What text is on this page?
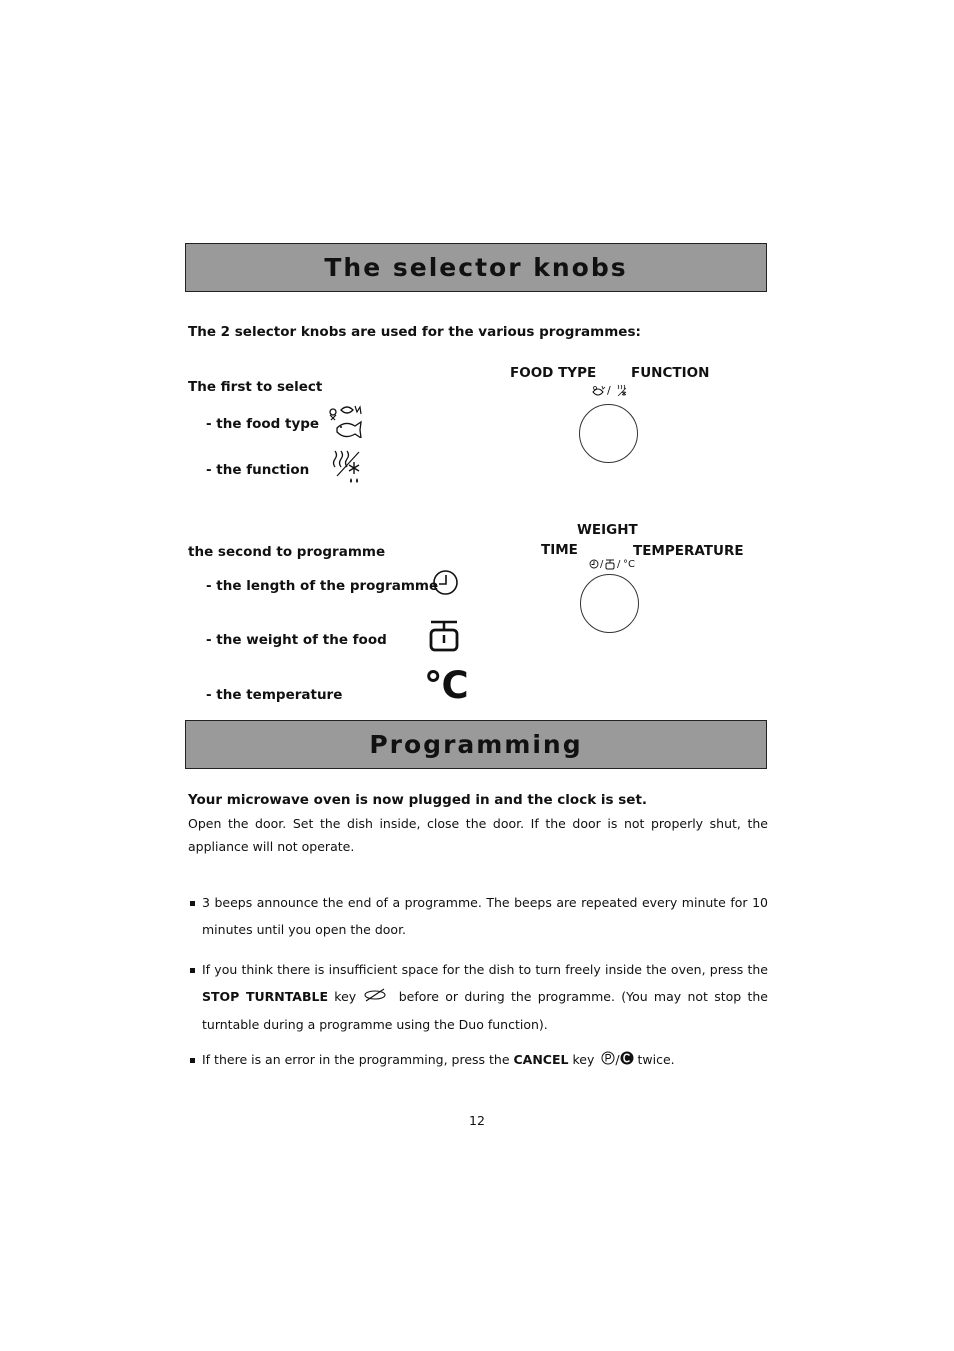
The selector knobs
The 2 selector knobs are used for the various programmes:
The first to select
- the food type
- the function
FOOD TYPE	FUNCTION
/
the second to programme
- the length of the programme
- the weight of the food
- the temperature °C
WEIGHT
TIME	TEMPERATURE
/ / °C
Programming
Your microwave oven is now plugged in and the clock is set.
Open the door. Set the dish inside, close the door. If the door is not properly shut, the appliance will not operate.
3 beeps announce the end of a programme. The beeps are repeated every minute for 10 minutes until you open the door.
If you think there is insufficient space for the dish to turn freely inside the oven, press the STOP TURNTABLE key  before or during the programme. (You may not stop the turntable during a programme using the Duo function).
If there is an error in the programming, press the CANCEL key / twice.
12
